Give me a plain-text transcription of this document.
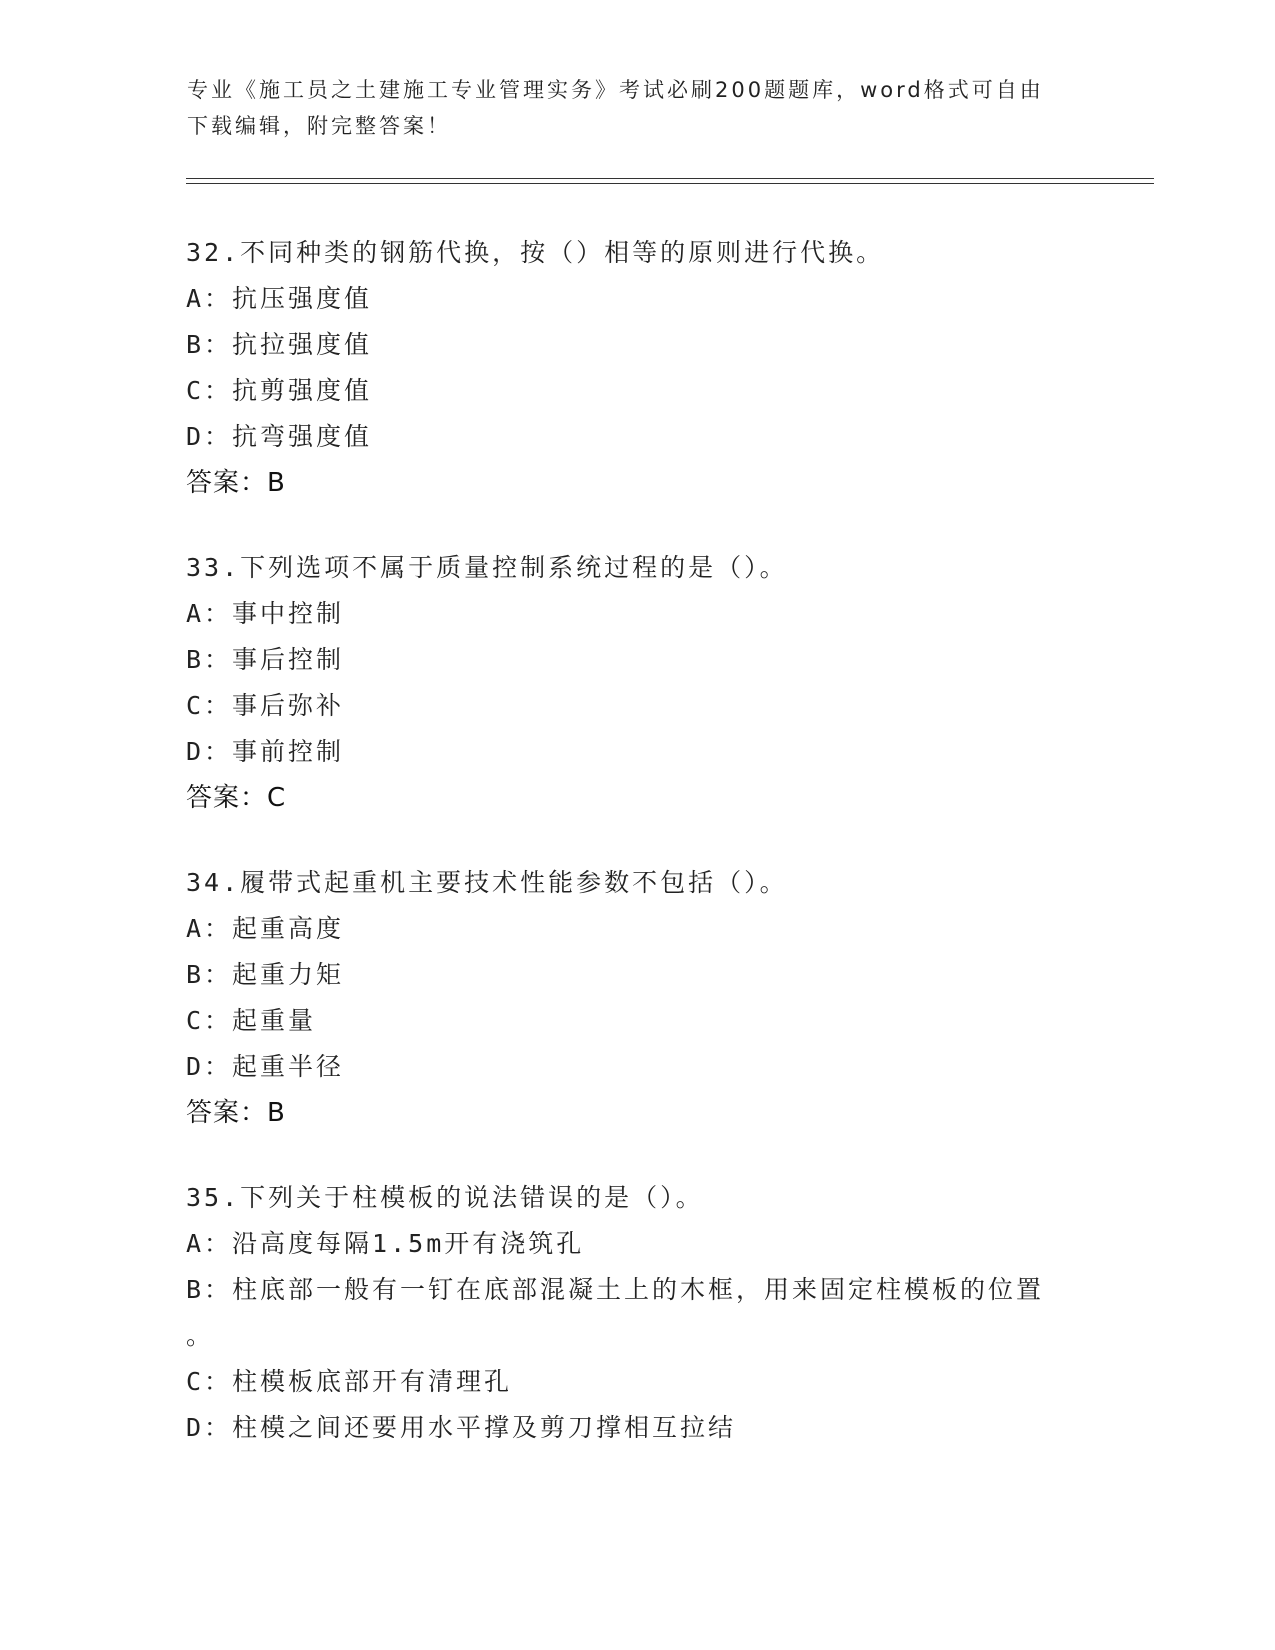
专业《施工员之土建施工专业管理实务》考试必刷200题题库，word格式可自由
下载编辑，附完整答案！
32.不同种类的钢筋代换，按（）相等的原则进行代换。
A：抗压强度值
B：抗拉强度值
C：抗剪强度值
D：抗弯强度值
答案：B
33.下列选项不属于质量控制系统过程的是（）。
A：事中控制
B：事后控制
C：事后弥补
D：事前控制
答案：C
34.履带式起重机主要技术性能参数不包括（）。
A：起重高度
B：起重力矩
C：起重量
D：起重半径
答案：B
35.下列关于柱模板的说法错误的是（）。
A：沿高度每隔1.5m开有浇筑孔
B：柱底部一般有一钉在底部混凝土上的木框，用来固定柱模板的位置
。
C：柱模板底部开有清理孔
D：柱模之间还要用水平撑及剪刀撑相互拉结
